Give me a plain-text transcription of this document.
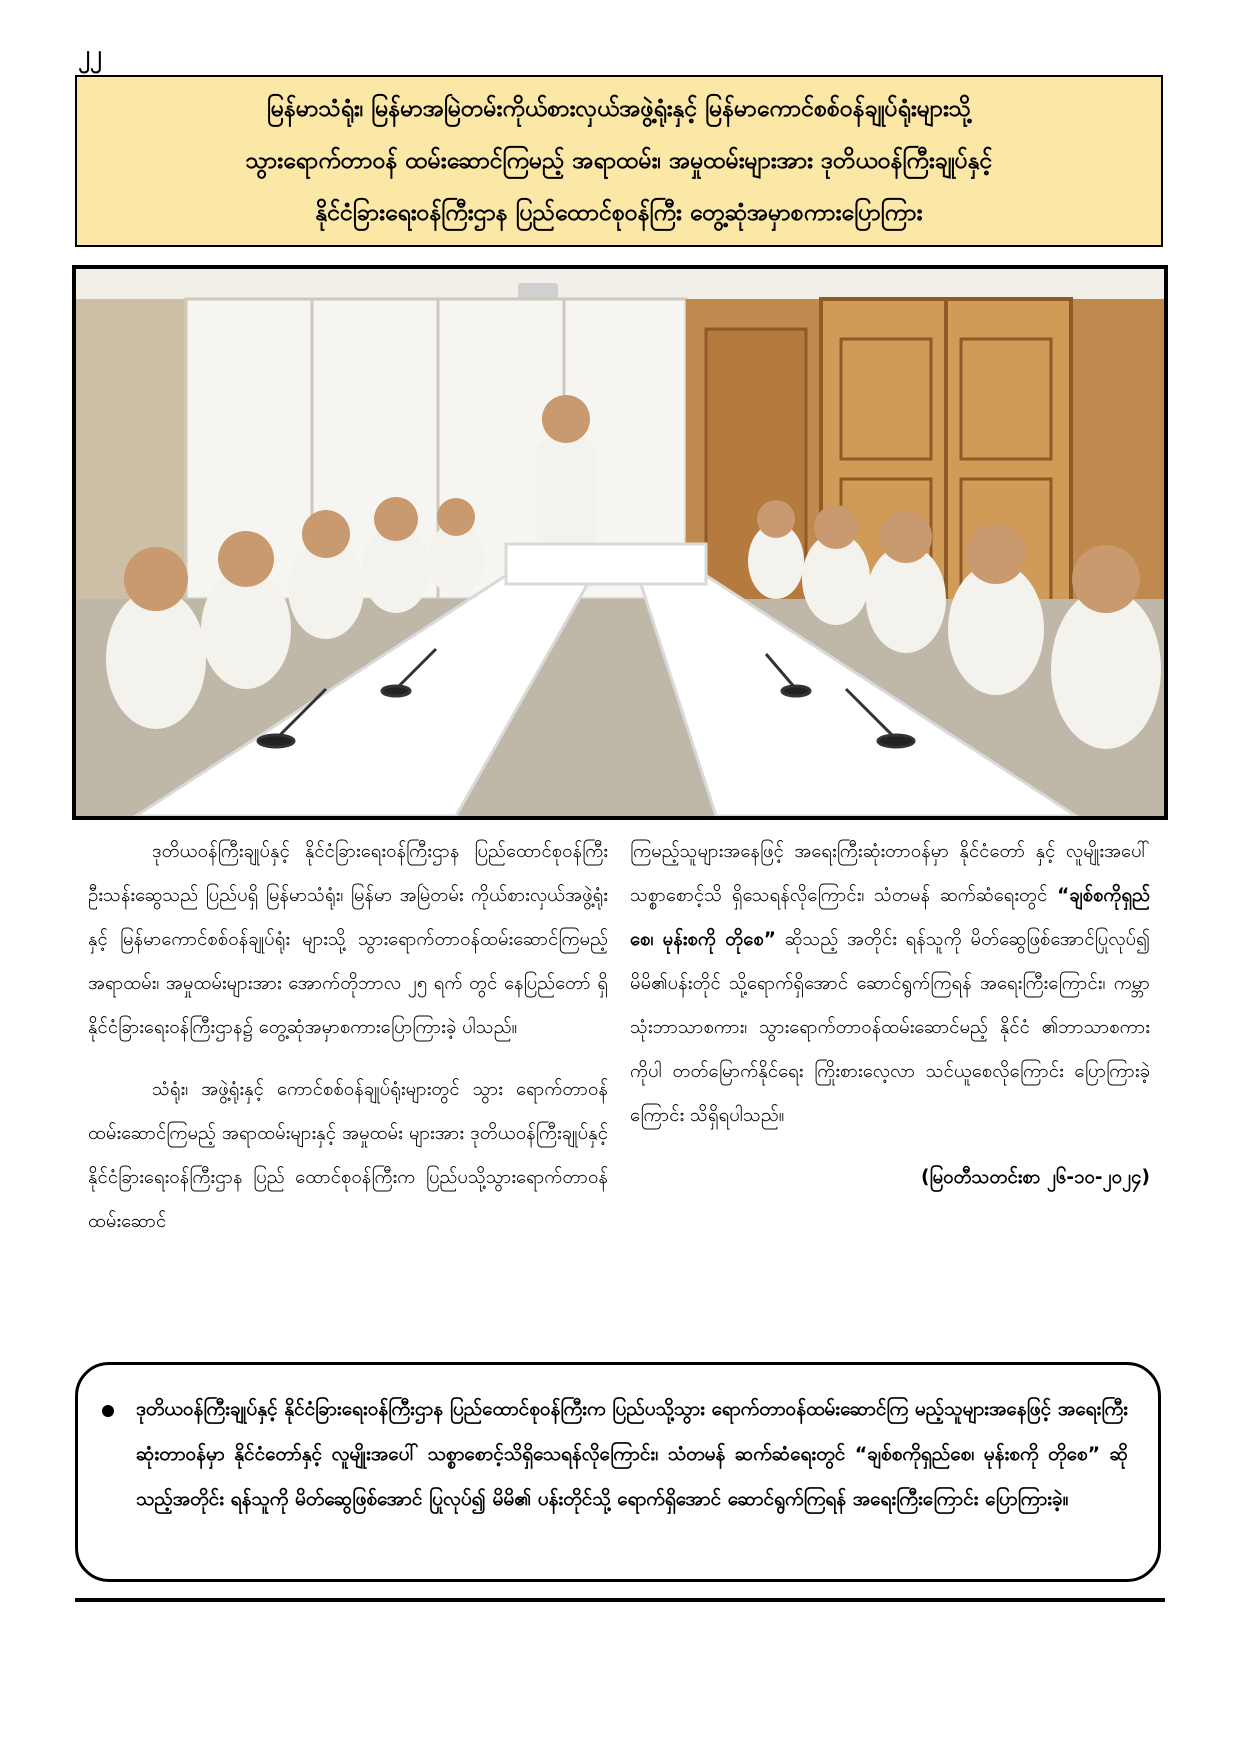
၂၂
မြန်မာသံရုံး၊ မြန်မာအမြဲတမ်းကိုယ်စားလှယ်အဖွဲ့ရုံးနှင့် မြန်မာကောင်စစ်ဝန်ချုပ်ရုံးများသို့
သွားရောက်တာဝန် ထမ်းဆောင်ကြမည့် အရာထမ်း၊ အမှုထမ်းများအား ဒုတိယဝန်ကြီးချုပ်နှင့်
နိုင်ငံခြားရေးဝန်ကြီးဌာန ပြည်ထောင်စုဝန်ကြီး တွေ့ဆုံအမှာစကားပြောကြား

ဒုတိယဝန်ကြီးချုပ်နှင့် နိုင်ငံခြားရေးဝန်ကြီးဌာန ပြည်ထောင်စုဝန်ကြီး ဦးသန်းဆွေသည် ပြည်ပရှိ မြန်မာသံရုံး၊ မြန်မာ အမြဲတမ်း ကိုယ်စားလှယ်အဖွဲ့ရုံးနှင့် မြန်မာကောင်စစ်ဝန်ချုပ်ရုံး များသို့ သွားရောက်တာဝန်ထမ်းဆောင်ကြမည့် အရာထမ်း၊ အမှုထမ်းများအား အောက်တိုဘာလ ၂၅ ရက် တွင် နေပြည်တော် ရှိ နိုင်ငံခြားရေးဝန်ကြီးဌာန၌ တွေ့ဆုံအမှာစကားပြောကြားခဲ့ ပါသည်။

သံရုံး၊ အဖွဲ့ရုံးနှင့် ကောင်စစ်ဝန်ချုပ်ရုံးများတွင် သွား ရောက်တာဝန်ထမ်းဆောင်ကြမည့် အရာထမ်းများနှင့် အမှုထမ်း များအား ဒုတိယဝန်ကြီးချုပ်နှင့် နိုင်ငံခြားရေးဝန်ကြီးဌာန ပြည် ထောင်စုဝန်ကြီးက ပြည်ပသို့သွားရောက်တာဝန်ထမ်းဆောင်

ကြမည့်သူများအနေဖြင့် အရေးကြီးဆုံးတာဝန်မှာ နိုင်ငံတော် နှင့် လူမျိုးအပေါ် သစ္စာစောင့်သိ ရှိသေရန်လိုကြောင်း၊ သံတမန် ဆက်ဆံရေးတွင် “ချစ်စကိုရှည်စေ၊ မုန်းစကို တိုစေ” ဆိုသည့် အတိုင်း ရန်သူကို မိတ်ဆွေဖြစ်အောင်ပြုလုပ်၍ မိမိ၏ပန်းတိုင် သို့ရောက်ရှိအောင် ဆောင်ရွက်ကြရန် အရေးကြီးကြောင်း၊ ကမ္ဘာ သုံးဘာသာစကား၊ သွားရောက်တာဝန်ထမ်းဆောင်မည့် နိုင်ငံ ၏ဘာသာစကားကိုပါ တတ်မြောက်နိုင်ရေး ကြိုးစားလေ့လာ သင်ယူစေလိုကြောင်း ပြောကြားခဲ့ကြောင်း သိရှိရပါသည်။

(မြဝတီသတင်းစာ ၂၆-၁၀-၂၀၂၄)

ဒုတိယဝန်ကြီးချုပ်နှင့် နိုင်ငံခြားရေးဝန်ကြီးဌာန ပြည်ထောင်စုဝန်ကြီးက ပြည်ပသို့သွား ရောက်တာဝန်ထမ်းဆောင်ကြ မည့်သူများအနေဖြင့် အရေးကြီးဆုံးတာဝန်မှာ နိုင်ငံတော်နှင့် လူမျိုးအပေါ် သစ္စာစောင့်သိရှိသေရန်လိုကြောင်း၊ သံတမန် ဆက်ဆံရေးတွင် “ချစ်စကိုရှည်စေ၊ မုန်းစကို တိုစေ” ဆိုသည့်အတိုင်း ရန်သူကို မိတ်ဆွေဖြစ်အောင် ပြုလုပ်၍ မိမိ၏ ပန်းတိုင်သို့ ရောက်ရှိအောင် ဆောင်ရွက်ကြရန် အရေးကြီးကြောင်း ပြောကြားခဲ့။
